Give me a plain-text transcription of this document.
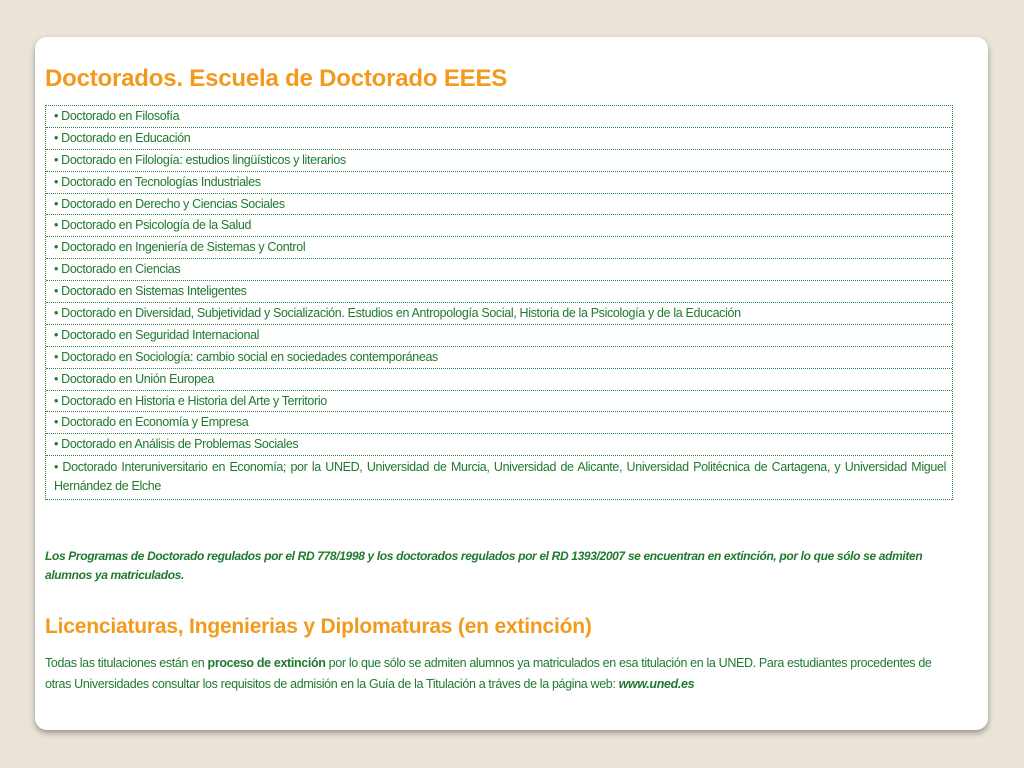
Doctorados. Escuela de Doctorado EEES
• Doctorado en Filosofía
• Doctorado en Educación
• Doctorado en Filología: estudios lingüísticos y literarios
• Doctorado en Tecnologías Industriales
• Doctorado en Derecho y Ciencias Sociales
• Doctorado en Psicología de la Salud
• Doctorado en Ingeniería de Sistemas y Control
• Doctorado en Ciencias
• Doctorado en Sistemas Inteligentes
• Doctorado en Diversidad, Subjetividad y Socialización. Estudios en Antropología Social, Historia de la Psicología y de la Educación
• Doctorado en Seguridad Internacional
• Doctorado en Sociología: cambio social en sociedades contemporáneas
• Doctorado en Unión Europea
• Doctorado en Historia e Historia del Arte y Territorio
• Doctorado en Economía y Empresa
• Doctorado en Análisis de Problemas Sociales
• Doctorado Interuniversitario en Economía; por la UNED, Universidad de Murcia, Universidad de Alicante, Universidad Politécnica de Cartagena, y Universidad Miguel Hernández de Elche

Los Programas de Doctorado regulados por el RD 778/1998 y los doctorados regulados por el RD 1393/2007 se encuentran en extinción, por lo que sólo se admiten alumnos ya matriculados.

Licenciaturas, Ingenierias y Diplomaturas (en extinción)

Todas las titulaciones están en proceso de extinción por lo que sólo se admiten alumnos ya matriculados en esa titulación en la UNED. Para estudiantes procedentes de otras Universidades consultar los requisitos de admisión en la Guía de la Titulación a tráves de la página web: www.uned.es
